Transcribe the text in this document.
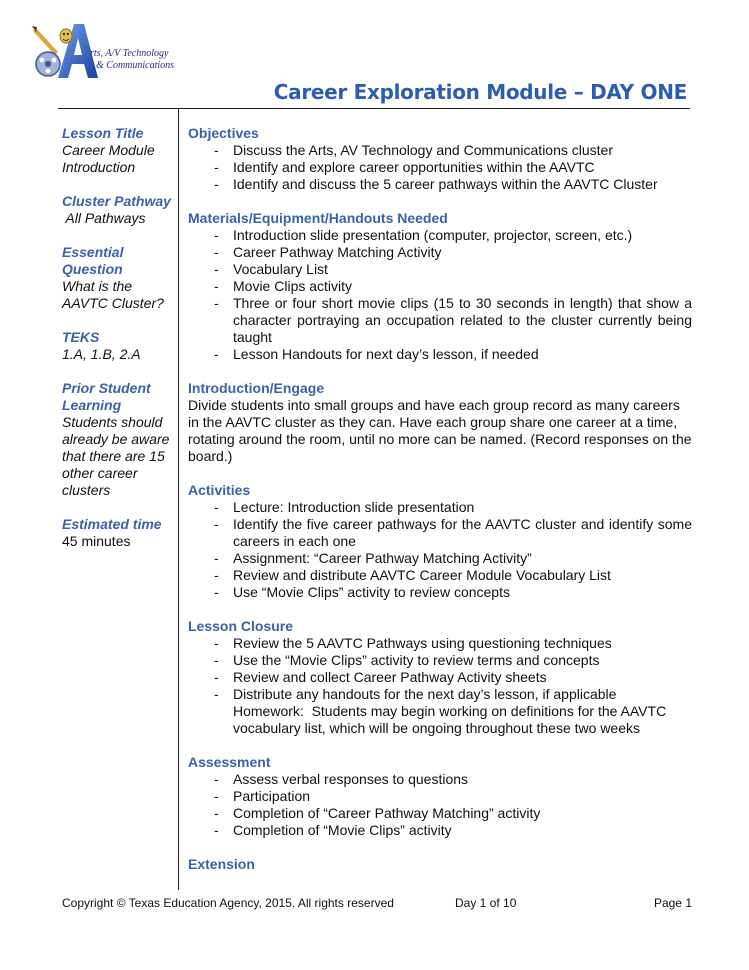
rts, A/V Technology
& Communications
Career Exploration Module – DAY ONE
Lesson Title
Career Module
Introduction
Cluster Pathway
All Pathways
Essential Question
What is the AAVTC Cluster?
TEKS
1.A, 1.B, 2.A
Prior Student Learning
Students should already be aware that there are 15 other career clusters
Estimated time
45 minutes
Objectives
- Discuss the Arts, AV Technology and Communications cluster
- Identify and explore career opportunities within the AAVTC
- Identify and discuss the 5 career pathways within the AAVTC Cluster
Materials/Equipment/Handouts Needed
- Introduction slide presentation (computer, projector, screen, etc.)
- Career Pathway Matching Activity
- Vocabulary List
- Movie Clips activity
- Three or four short movie clips (15 to 30 seconds in length) that show a character portraying an occupation related to the cluster currently being taught
- Lesson Handouts for next day’s lesson, if needed
Introduction/Engage

Divide students into small groups and have each group record as many careers in the AAVTC cluster as they can. Have each group share one career at a time, rotating around the room, until no more can be named. (Record responses on the board.)

Activities
- Lecture: Introduction slide presentation
- Identify the five career pathways for the AAVTC cluster and identify some careers in each one
- Assignment: “Career Pathway Matching Activity”
- Review and distribute AAVTC Career Module Vocabulary List
- Use “Movie Clips” activity to review concepts
Lesson Closure
- Review the 5 AAVTC Pathways using questioning techniques
- Use the “Movie Clips” activity to review terms and concepts
- Review and collect Career Pathway Activity sheets
- Distribute any handouts for the next day’s lesson, if applicable
Homework:  Students may begin working on definitions for the AAVTC vocabulary list, which will be ongoing throughout these two weeks
Assessment
- Assess verbal responses to questions
- Participation
- Completion of “Career Pathway Matching” activity
- Completion of “Movie Clips” activity
Extension
Copyright © Texas Education Agency, 2015. All rights reserved	Day 1 of 10	Page 1
